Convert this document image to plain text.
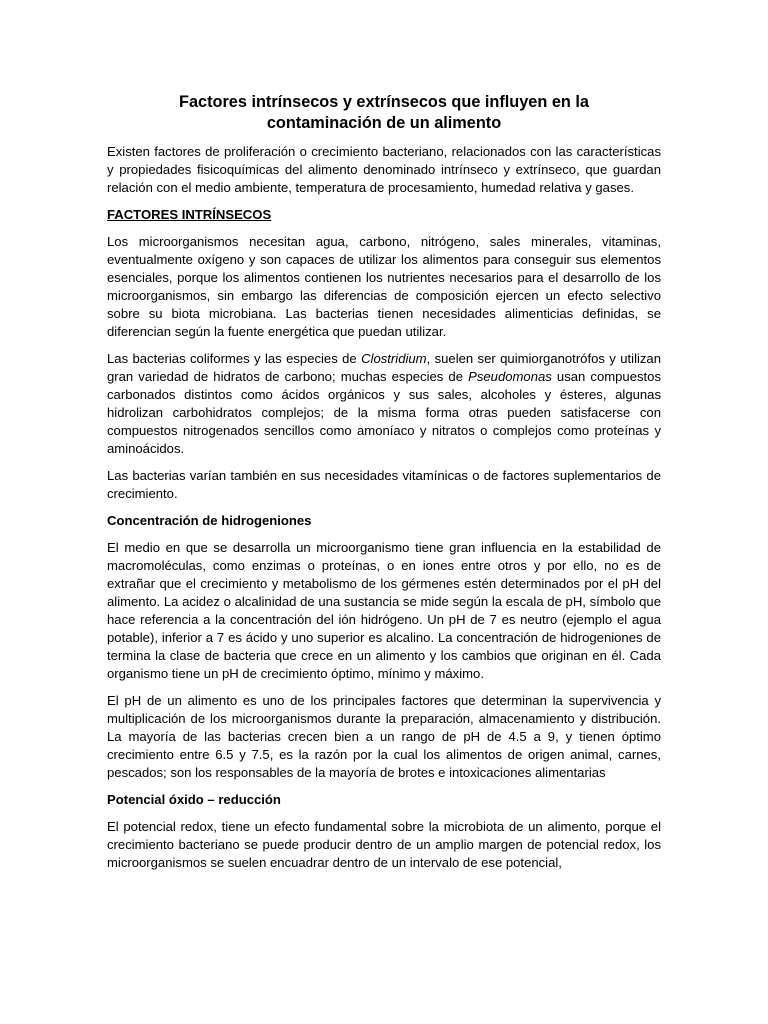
Factores intrínsecos y extrínsecos que influyen en la
contaminación de un alimento

Existen factores de proliferación o crecimiento bacteriano, relacionados con las características y propiedades fisicoquímicas del alimento denominado intrínseco y extrínseco, que guardan relación con el medio ambiente, temperatura de procesamiento, humedad relativa y gases.

FACTORES INTRÍNSECOS

Los microorganismos necesitan agua, carbono, nitrógeno, sales minerales, vitaminas, eventualmente oxígeno y son capaces de utilizar los alimentos para conseguir sus elementos esenciales, porque los alimentos contienen los nutrientes necesarios para el desarrollo de los microorganismos, sin embargo las diferencias de composición ejercen un efecto selectivo sobre su biota microbiana. Las bacterias tienen necesidades alimenticias definidas, se diferencian según la fuente energética que puedan utilizar.

Las bacterias coliformes y las especies de Clostridium, suelen ser quimiorganotrófos y utilizan gran variedad de hidratos de carbono; muchas especies de Pseudomonas usan compuestos carbonados distintos como ácidos orgánicos y sus sales, alcoholes y ésteres, algunas hidrolizan carbohidratos complejos; de la misma forma otras pueden satisfacerse con compuestos nitrogenados sencillos como amoníaco y nitratos o complejos como proteínas y aminoácidos.

Las bacterias varían también en sus necesidades vitamínicas o de factores suplementarios de crecimiento.

Concentración de hidrogeniones

El medio en que se desarrolla un microorganismo tiene gran influencia en la estabilidad de macromoléculas, como enzimas o proteínas, o en iones entre otros y por ello, no es de extrañar que el crecimiento y metabolismo de los gérmenes estén determinados por el pH del alimento. La acidez o alcalinidad de una sustancia se mide según la escala de pH, símbolo que hace referencia a la concentración del ión hidrógeno. Un pH de 7 es neutro (ejemplo el agua potable), inferior a 7 es ácido y uno superior es alcalino. La concentración de hidrogeniones de termina la clase de bacteria que crece en un alimento y los cambios que originan en él. Cada organismo tiene un pH de crecimiento óptimo, mínimo y máximo.

El pH de un alimento es uno de los principales factores que determinan la supervivencia y multiplicación de los microorganismos durante la preparación, almacenamiento y distribución. La mayoría de las bacterias crecen bien a un rango de pH de 4.5 a 9, y tienen óptimo crecimiento entre 6.5 y 7.5, es la razón por la cual los alimentos de origen animal, carnes, pescados; son los responsables de la mayoría de brotes e intoxicaciones alimentarias

Potencial óxido – reducción

El potencial redox, tiene un efecto fundamental sobre la microbiota de un alimento, porque el crecimiento bacteriano se puede producir dentro de un amplio margen de potencial redox, los microorganismos se suelen encuadrar dentro de un intervalo de ese potencial,
